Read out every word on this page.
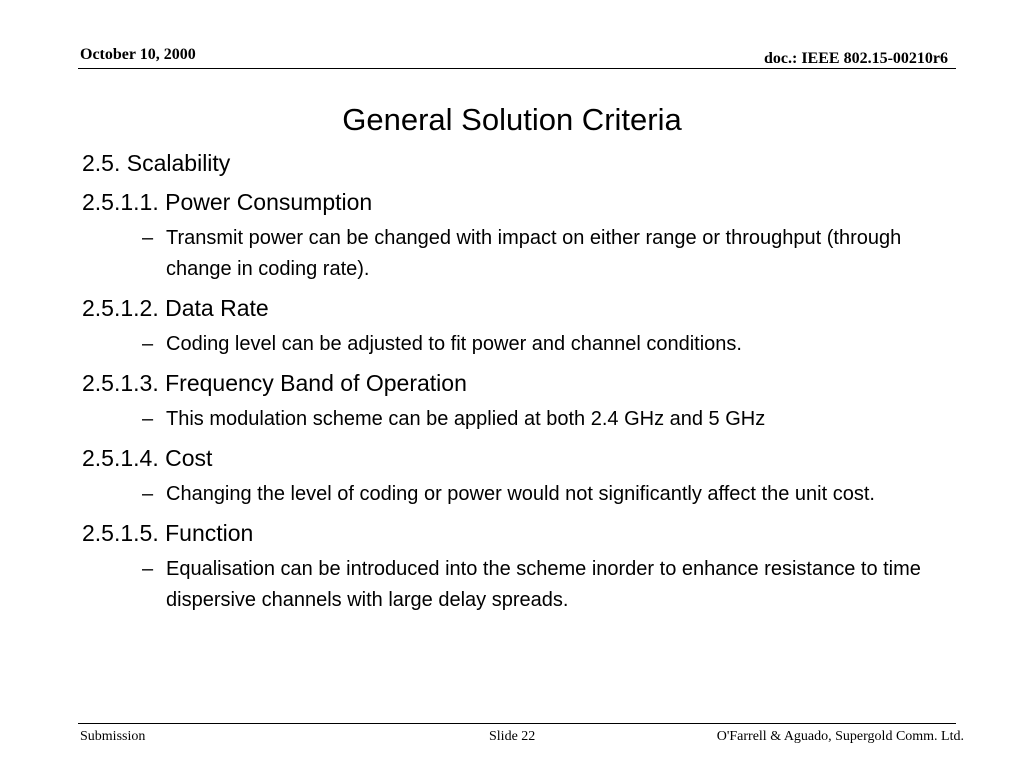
October 10, 2000	doc.: IEEE 802.15-00210r6
General Solution Criteria
2.5. Scalability
2.5.1.1. Power Consumption
– Transmit power can be changed with impact on either range or throughput (through change in coding rate).
2.5.1.2. Data Rate
– Coding level can be adjusted to fit power and channel conditions.
2.5.1.3. Frequency Band of Operation
– This modulation scheme can be applied at both 2.4 GHz and 5 GHz
2.5.1.4. Cost
– Changing the level of coding or power would not significantly affect the unit cost.
2.5.1.5. Function
– Equalisation can be introduced into the scheme inorder to enhance resistance to time dispersive channels with large delay spreads.
Submission	Slide 22	O'Farrell & Aguado, Supergold Comm. Ltd.
